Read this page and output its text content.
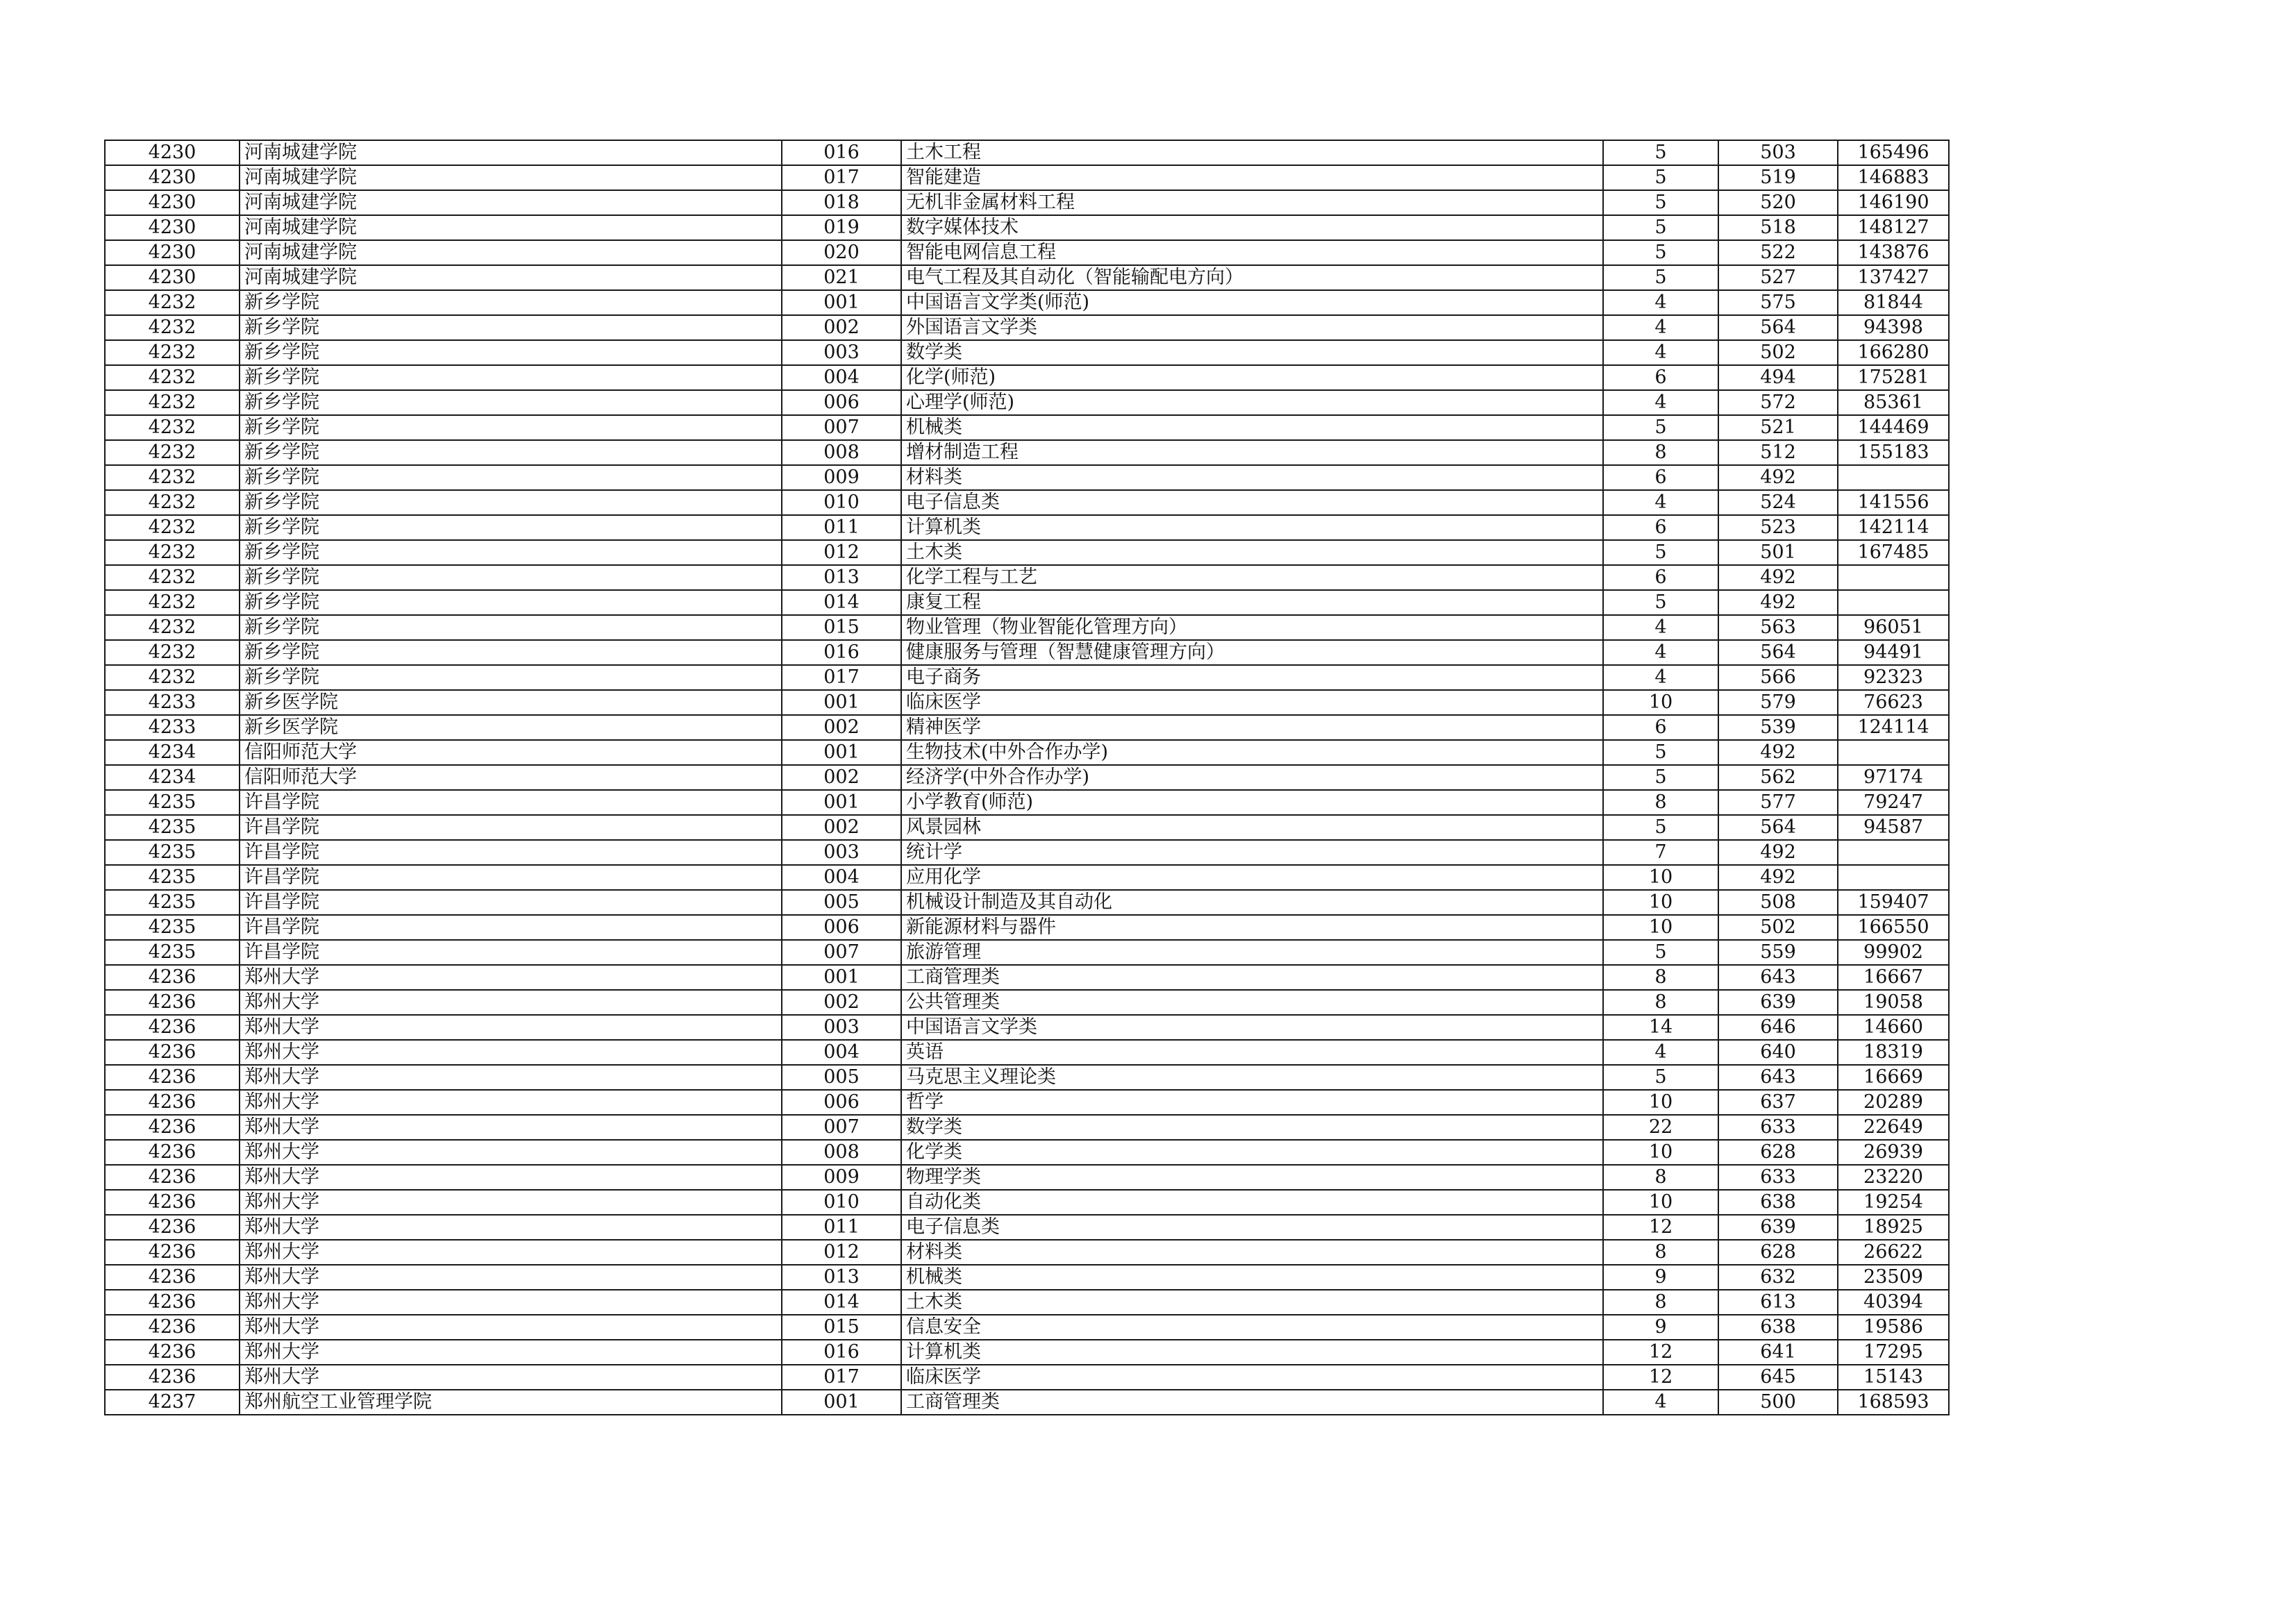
4230	河南城建学院	016	土木工程	5	503	165496
4230	河南城建学院	017	智能建造	5	519	146883
4230	河南城建学院	018	无机非金属材料工程	5	520	146190
4230	河南城建学院	019	数字媒体技术	5	518	148127
4230	河南城建学院	020	智能电网信息工程	5	522	143876
4230	河南城建学院	021	电气工程及其自动化（智能输配电方向）	5	527	137427
4232	新乡学院	001	中国语言文学类(师范)	4	575	81844
4232	新乡学院	002	外国语言文学类	4	564	94398
4232	新乡学院	003	数学类	4	502	166280
4232	新乡学院	004	化学(师范)	6	494	175281
4232	新乡学院	006	心理学(师范)	4	572	85361
4232	新乡学院	007	机械类	5	521	144469
4232	新乡学院	008	增材制造工程	8	512	155183
4232	新乡学院	009	材料类	6	492	
4232	新乡学院	010	电子信息类	4	524	141556
4232	新乡学院	011	计算机类	6	523	142114
4232	新乡学院	012	土木类	5	501	167485
4232	新乡学院	013	化学工程与工艺	6	492	
4232	新乡学院	014	康复工程	5	492	
4232	新乡学院	015	物业管理（物业智能化管理方向）	4	563	96051
4232	新乡学院	016	健康服务与管理（智慧健康管理方向）	4	564	94491
4232	新乡学院	017	电子商务	4	566	92323
4233	新乡医学院	001	临床医学	10	579	76623
4233	新乡医学院	002	精神医学	6	539	124114
4234	信阳师范大学	001	生物技术(中外合作办学)	5	492	
4234	信阳师范大学	002	经济学(中外合作办学)	5	562	97174
4235	许昌学院	001	小学教育(师范)	8	577	79247
4235	许昌学院	002	风景园林	5	564	94587
4235	许昌学院	003	统计学	7	492	
4235	许昌学院	004	应用化学	10	492	
4235	许昌学院	005	机械设计制造及其自动化	10	508	159407
4235	许昌学院	006	新能源材料与器件	10	502	166550
4235	许昌学院	007	旅游管理	5	559	99902
4236	郑州大学	001	工商管理类	8	643	16667
4236	郑州大学	002	公共管理类	8	639	19058
4236	郑州大学	003	中国语言文学类	14	646	14660
4236	郑州大学	004	英语	4	640	18319
4236	郑州大学	005	马克思主义理论类	5	643	16669
4236	郑州大学	006	哲学	10	637	20289
4236	郑州大学	007	数学类	22	633	22649
4236	郑州大学	008	化学类	10	628	26939
4236	郑州大学	009	物理学类	8	633	23220
4236	郑州大学	010	自动化类	10	638	19254
4236	郑州大学	011	电子信息类	12	639	18925
4236	郑州大学	012	材料类	8	628	26622
4236	郑州大学	013	机械类	9	632	23509
4236	郑州大学	014	土木类	8	613	40394
4236	郑州大学	015	信息安全	9	638	19586
4236	郑州大学	016	计算机类	12	641	17295
4236	郑州大学	017	临床医学	12	645	15143
4237	郑州航空工业管理学院	001	工商管理类	4	500	168593
